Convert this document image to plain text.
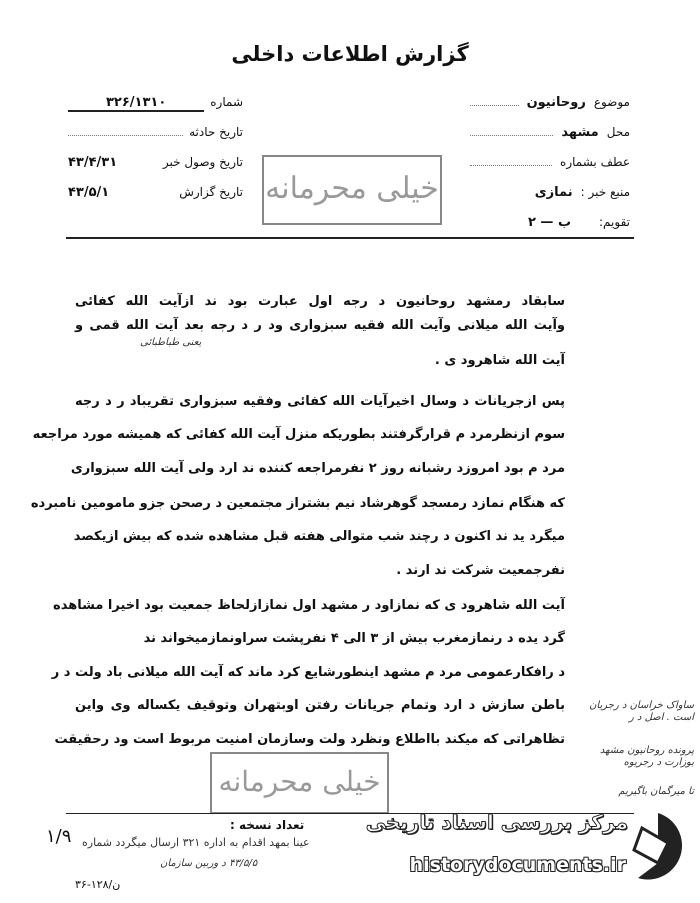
گزارش اطلاعات داخلی
موضوع
روحانیون
محل
مشهد
عطف بشماره
منبع خبر :
نمازی
تقویم:
ب — ۲
شماره
۳۲۶/۱۳۱۰
تاریخ حادثه
تاریخ وصول خبر
۴۳/۴/۳۱
تاریخ گزارش
۴۳/۵/۱	خیلی محرمانه
سابقاد رمشهد روحانیون د رجه اول عبارت بود ند ازآیت الله کفائی
وآیت الله میلانی وآیت الله فقیه سبزواری ود ر د رجه بعد آیت الله قمی و
یعنی طباطبائی
آیت الله شاهرود ی .
پس ازجریانات د وسال اخیرآیات الله کفائی وفقیه سبزواری تقریباد ر د رجه
سوم ازنظرمرد م قرارگرفتند بطوریکه منزل آیت الله کفائی که همیشه مورد مراجعه
مرد م بود امروزد رشبانه روز ۲ نفرمراجعه کننده ند ارد ولی آیت الله سبزواری
که هنگام نمازد رمسجد گوهرشاد نیم بشتراز مجتمعین د رصحن جزو مامومین نامبرده
میگرد ید ند اکنون د رچند شب متوالی هفته قبل مشاهده شده که بیش ازیکصد
نفرجمعیت شرکت ند ارند .
آیت الله شاهرود ی که نمازاود ر مشهد اول نمازازلحاظ جمعیت بود اخیرا مشاهده
گرد یده د رنمازمغرب بیش از ۳ الی ۴ نفرپشت سراونمازمیخواند ند
د رافکارعمومی مرد م مشهد اینطورشایع کرد ماند که آیت الله میلانی باد ولت د ر
باطن سازش د ارد وتمام جریانات رفتن اوبتهران وتوقیف یکساله وی واین
تظاهراتی که میکند بااطلاع ونظرد ولت وسازمان امنیت مربوط است ود رحقیقت
ساواک خراسان د رجریان است . اصل د ر
پرونده روحانیون مشهد بوزارت د رجریوه
تا میرگمان باگیریم
خیلی محرمانه
تعداد نسخه :
۱/۹ عینا بمهد اقدام به اداره ۳۲۱ ارسال میگردد شماره
۴۳/۵/۵ د وربین سازمان
ن/۱۲۸-۳۶
مرکز بررسی اسناد تاریخی
historydocuments.ir
